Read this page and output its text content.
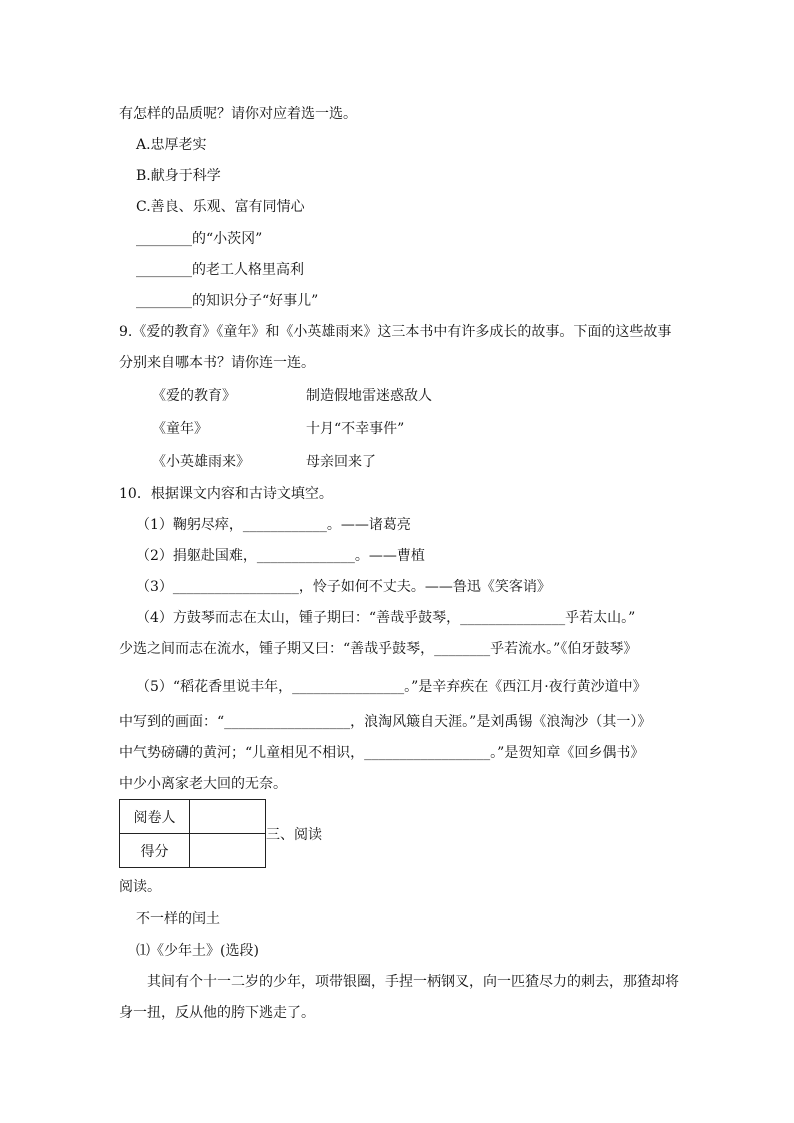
有怎样的品质呢？请你对应着选一选。
A.忠厚老实
B.献身于科学
C.善良、乐观、富有同情心
________的“小茨冈”
________的老工人格里高利
________的知识分子“好事儿”
9.《爱的教育》《童年》和《小英雄雨来》这三本书中有许多成长的故事。下面的这些故事
分别来自哪本书？请你连一连。
《爱的教育》	制造假地雷迷惑敌人
《童年》	十月“不幸事件”
《小英雄雨来》	母亲回来了
10．根据课文内容和古诗文填空。
（1）鞠躬尽瘁，____________。——诸葛亮
（2）捐躯赴国难，______________。——曹植
（3）__________________，怜子如何不丈夫。——鲁迅《笑客诮》
（4）方鼓琴而志在太山，锺子期曰：“善哉乎鼓琴，_______________乎若太山。”
少选之间而志在流水，锺子期又曰：“善哉乎鼓琴，________乎若流水。”《伯牙鼓琴》
（5）“稻花香里说丰年，________________。”是辛弃疾在《西江月·夜行黄沙道中》
中写到的画面：“__________________，浪淘风簸自天涯。”是刘禹锡《浪淘沙（其一）》
中气势磅礴的黄河；“儿童相见不相识，__________________。”是贺知章《回乡偶书》
中少小离家老大回的无奈。
阅卷人	
得分	
三、阅读
阅读。
不一样的闰土
⑴《少年土》(选段)
其间有个十一二岁的少年，项带银圈，手捏一柄钢叉，向一匹猹尽力的刺去，那猹却将
身一扭，反从他的胯下逃走了。
